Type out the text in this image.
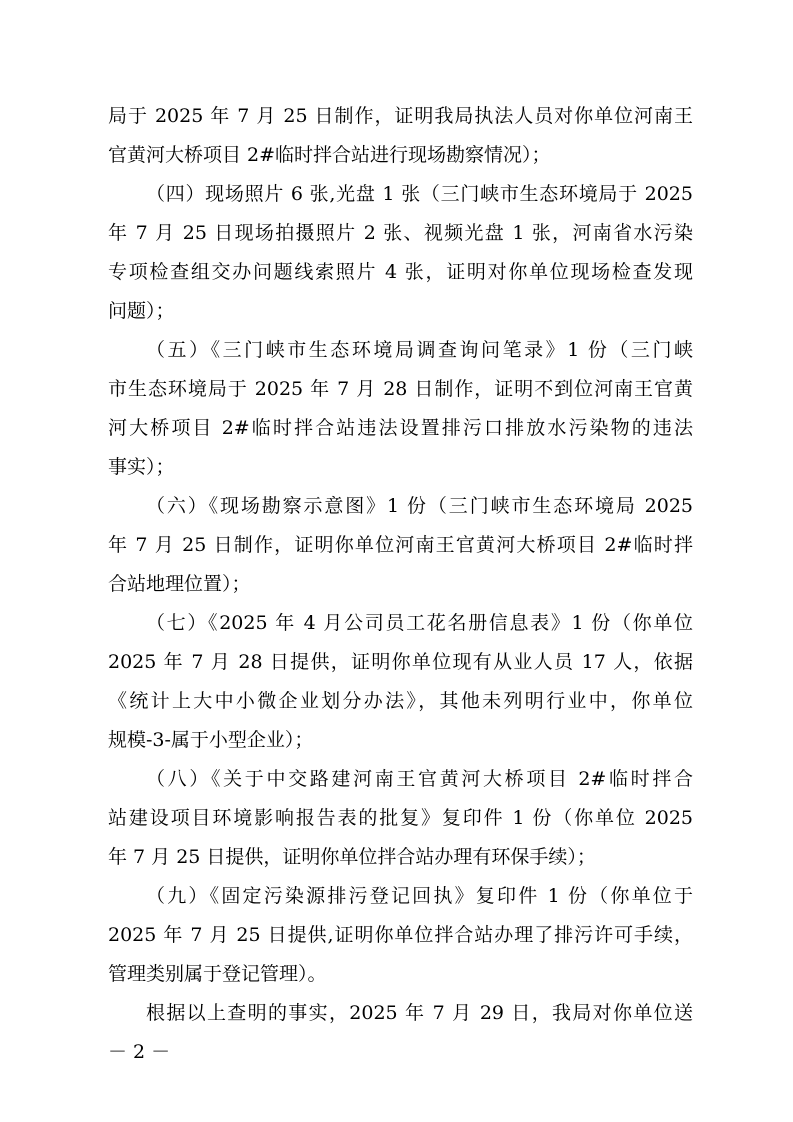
局于 2025 年 7 月 25 日制作，证明我局执法人员对你单位河南王
官黄河大桥项目 2#临时拌合站进行现场勘察情况）；
（四）现场照片 6 张,光盘 1 张（三门峡市生态环境局于 2025
年 7 月 25 日现场拍摄照片 2 张、视频光盘 1 张，河南省水污染
专项检查组交办问题线索照片 4 张，证明对你单位现场检查发现
问题）；
（五）《三门峡市生态环境局调查询问笔录》1 份（三门峡
市生态环境局于 2025 年 7 月 28 日制作，证明不到位河南王官黄
河大桥项目 2#临时拌合站违法设置排污口排放水污染物的违法
事实）；
（六）《现场勘察示意图》1 份（三门峡市生态环境局 2025
年 7 月 25 日制作，证明你单位河南王官黄河大桥项目 2#临时拌
合站地理位置）；
（七）《2025 年 4 月公司员工花名册信息表》1 份（你单位
2025 年 7 月 28 日提供，证明你单位现有从业人员 17 人，依据
《统计上大中小微企业划分办法》，其他未列明行业中，你单位
规模-3-属于小型企业）；
（八）《关于中交路建河南王官黄河大桥项目 2#临时拌合
站建设项目环境影响报告表的批复》复印件 1 份（你单位 2025
年 7 月 25 日提供，证明你单位拌合站办理有环保手续）；
（九）《固定污染源排污登记回执》复印件 1 份（你单位于
2025 年 7 月 25 日提供,证明你单位拌合站办理了排污许可手续，
管理类别属于登记管理）。
根据以上查明的事实，2025 年 7 月 29 日，我局对你单位送
－ 2 －
